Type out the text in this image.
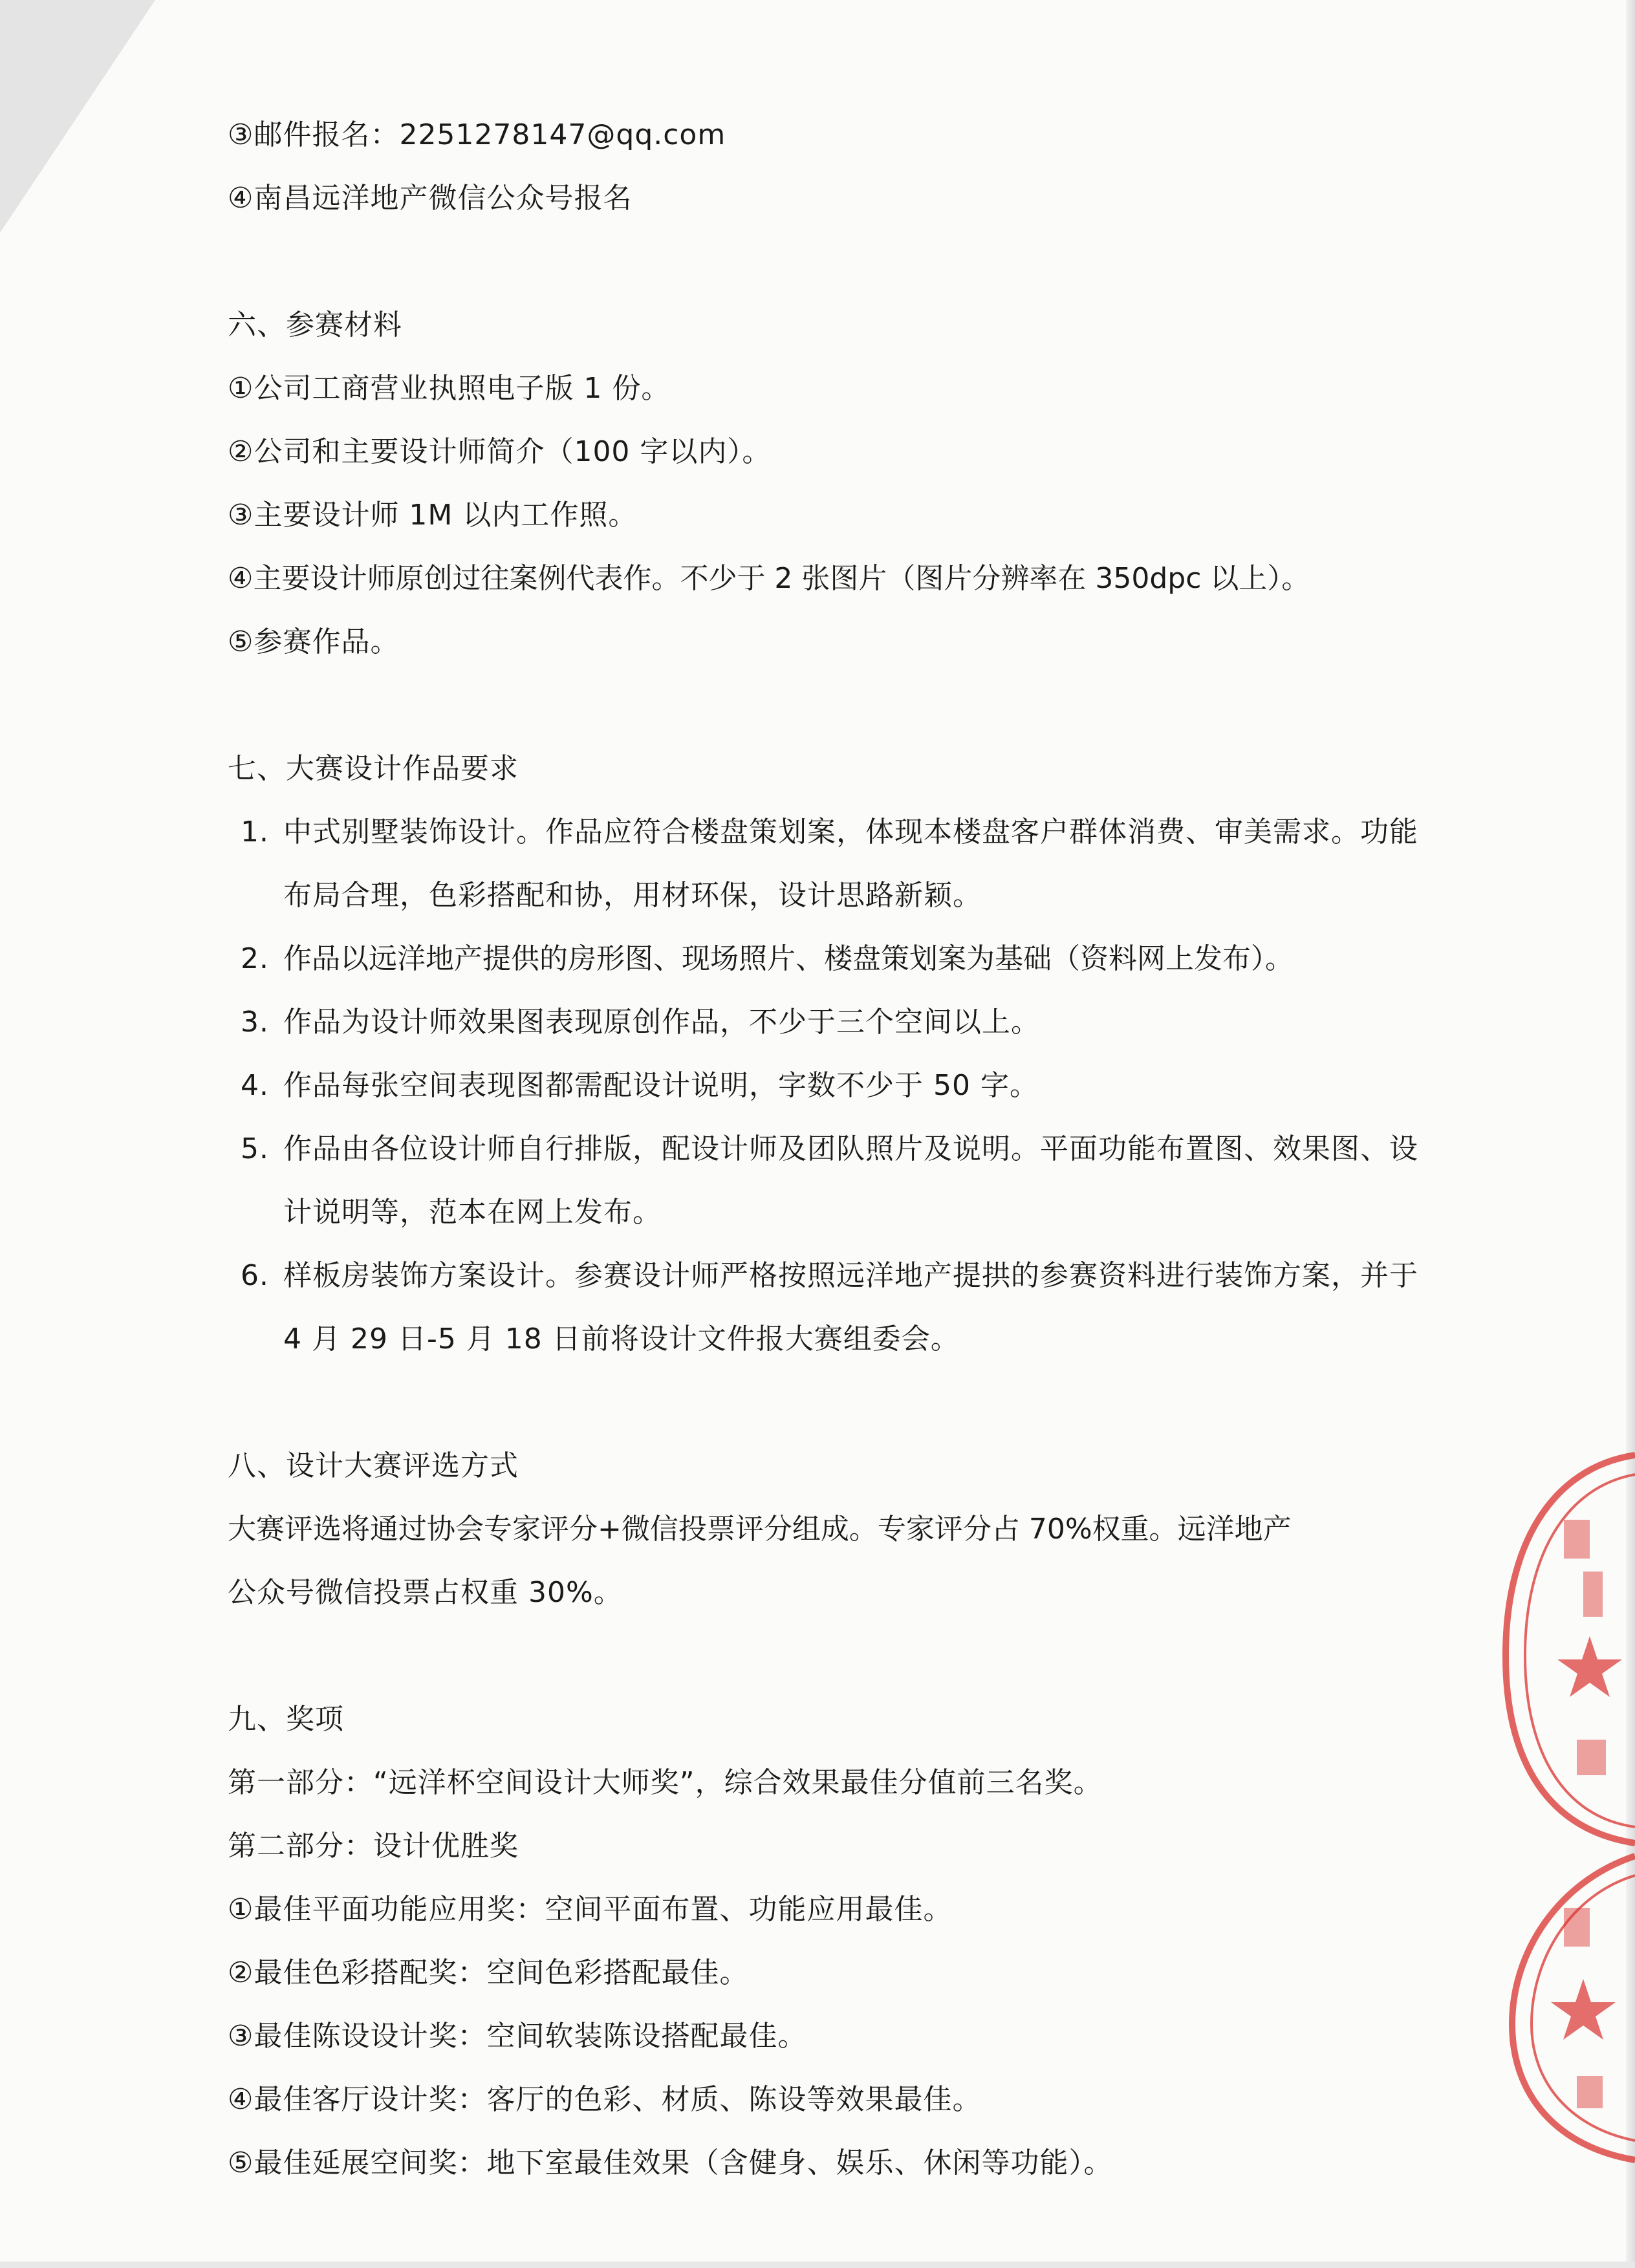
③邮件报名：2251278147@qq.com
④南昌远洋地产微信公众号报名
六、参赛材料
①公司工商营业执照电子版 1 份。
②公司和主要设计师简介（100 字以内）。
③主要设计师 1M 以内工作照。
④主要设计师原创过往案例代表作。不少于 2 张图片（图片分辨率在 350dpc 以上）。
⑤参赛作品。
七、大赛设计作品要求
1. 中式别墅装饰设计。作品应符合楼盘策划案，体现本楼盘客户群体消费、审美需求。功能布局合理，色彩搭配和协，用材环保，设计思路新颖。
2. 作品以远洋地产提供的房形图、现场照片、楼盘策划案为基础（资料网上发布）。
3. 作品为设计师效果图表现原创作品，不少于三个空间以上。
4. 作品每张空间表现图都需配设计说明，字数不少于 50 字。
5. 作品由各位设计师自行排版，配设计师及团队照片及说明。平面功能布置图、效果图、设计说明等，范本在网上发布。
6. 样板房装饰方案设计。参赛设计师严格按照远洋地产提拱的参赛资料进行装饰方案，并于 4 月 29 日-5 月 18 日前将设计文件报大赛组委会。
八、设计大赛评选方式
大赛评选将通过协会专家评分+微信投票评分组成。专家评分占 70%权重。远洋地产
公众号微信投票占权重 30%。
九、奖项
第一部分：“远洋杯空间设计大师奖”，综合效果最佳分值前三名奖。
第二部分：设计优胜奖
①最佳平面功能应用奖：空间平面布置、功能应用最佳。
②最佳色彩搭配奖：空间色彩搭配最佳。
③最佳陈设设计奖：空间软装陈设搭配最佳。
④最佳客厅设计奖：客厅的色彩、材质、陈设等效果最佳。
⑤最佳延展空间奖：地下室最佳效果（含健身、娱乐、休闲等功能）。
